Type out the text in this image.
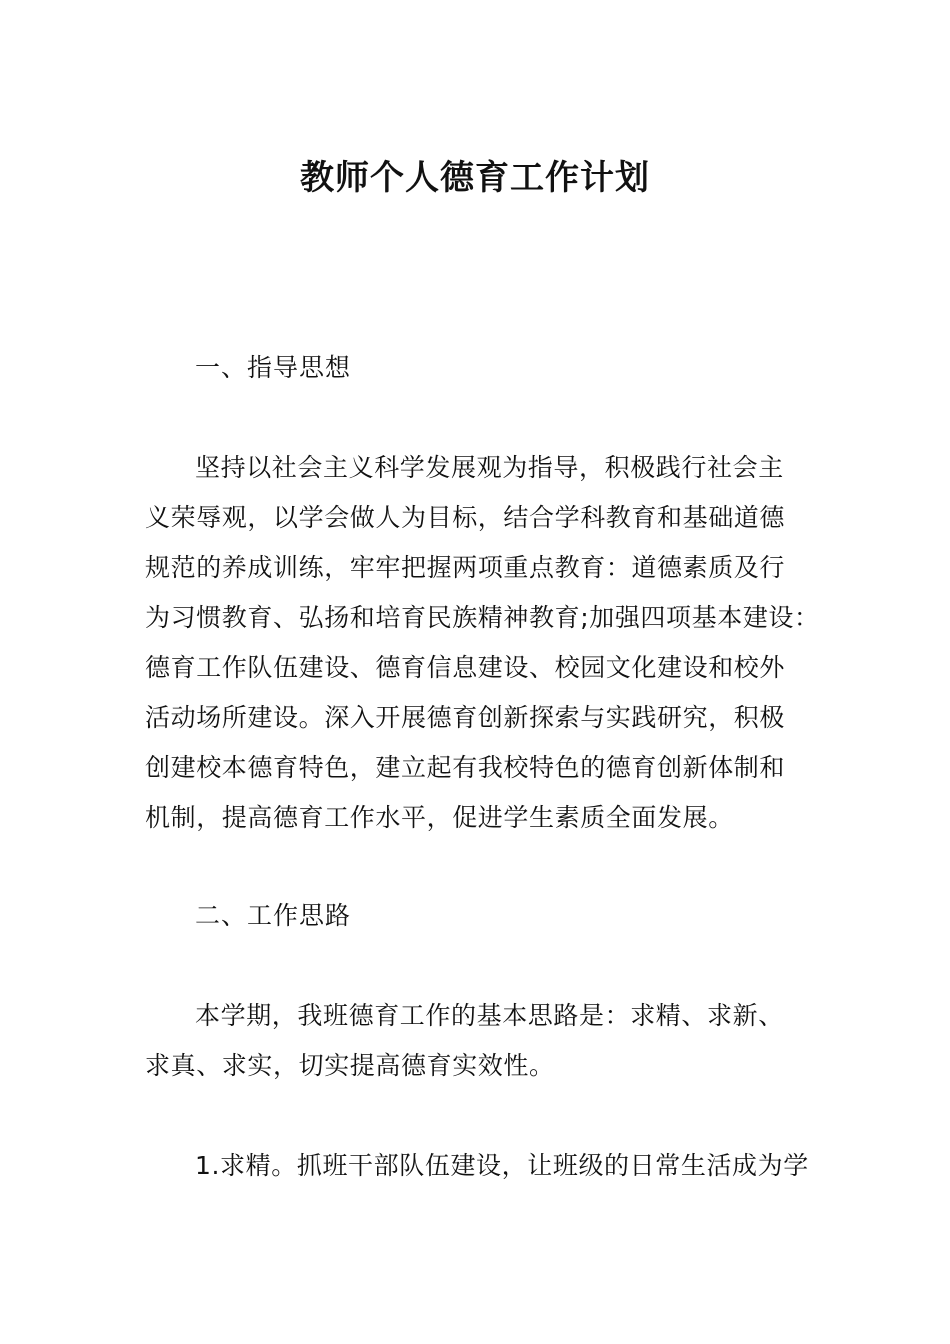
教师个人德育工作计划
一、指导思想
坚持以社会主义科学发展观为指导，积极践行社会主
义荣辱观，以学会做人为目标，结合学科教育和基础道德
规范的养成训练，牢牢把握两项重点教育：道德素质及行
为习惯教育、弘扬和培育民族精神教育;加强四项基本建设：
德育工作队伍建设、德育信息建设、校园文化建设和校外
活动场所建设。深入开展德育创新探索与实践研究，积极
创建校本德育特色，建立起有我校特色的德育创新体制和
机制，提高德育工作水平，促进学生素质全面发展。
二、工作思路
本学期，我班德育工作的基本思路是：求精、求新、
求真、求实，切实提高德育实效性。
1.求精。抓班干部队伍建设，让班级的日常生活成为学
